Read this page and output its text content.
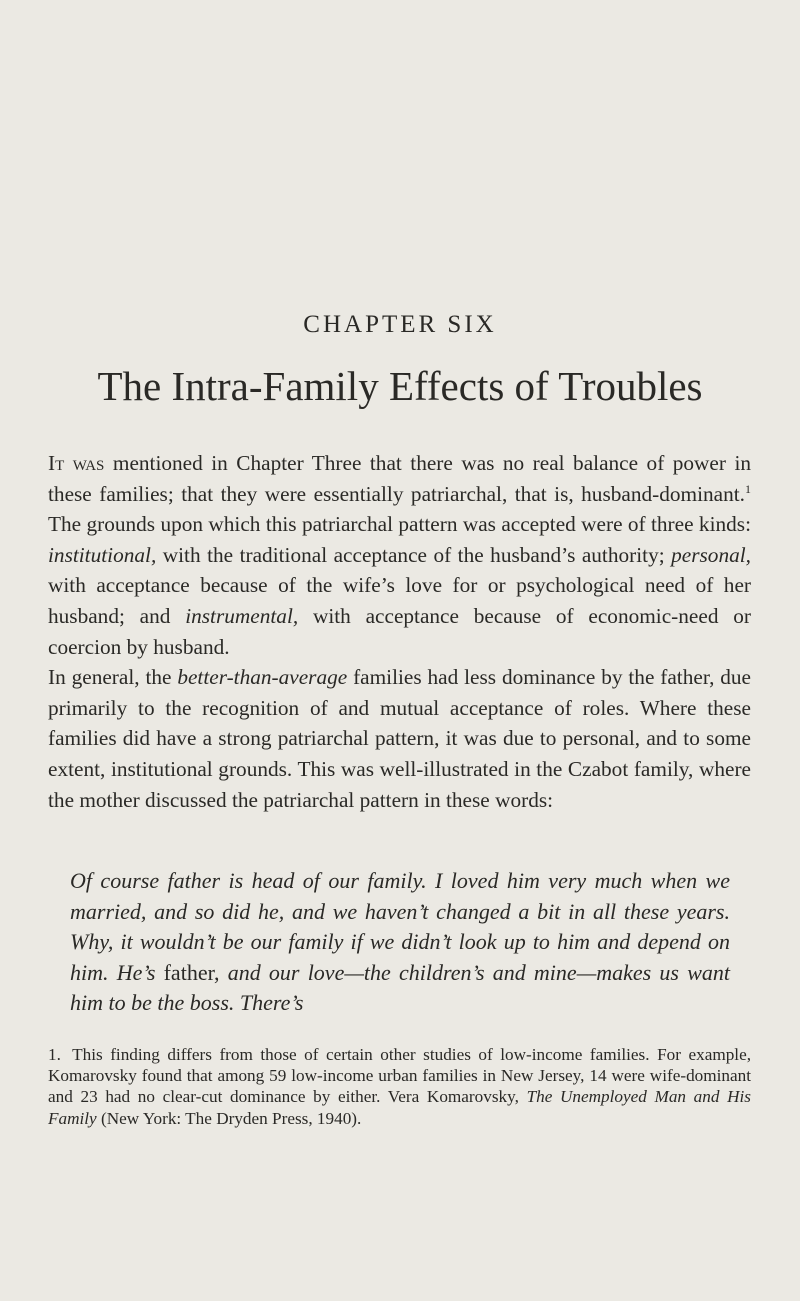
CHAPTER SIX
The Intra-Family Effects of Troubles

It was mentioned in Chapter Three that there was no real balance of power in these families; that they were essentially patriarchal, that is, husband-dominant.$^1$ The grounds upon which this patriarchal pattern was accepted were of three kinds: institutional, with the traditional acceptance of the husband’s authority; personal, with acceptance because of the wife’s love for or psychological need of her husband; and instrumental, with acceptance because of economic-need or coercion by husband.

In general, the better-than-average families had less dominance by the father, due primarily to the recognition of and mutual acceptance of roles. Where these families did have a strong patriarchal pattern, it was due to personal, and to some extent, institutional grounds. This was well-illustrated in the Czabot family, where the mother discussed the patriarchal pattern in these words:

Of course father is head of our family. I loved him very much when we married, and so did he, and we haven’t changed a bit in all these years. Why, it wouldn’t be our family if we didn’t look up to him and depend on him. He’s father, and our love—the children’s and mine—makes us want him to be the boss. There’s
1. This finding differs from those of certain other studies of low-income families. For example, Komarovsky found that among 59 low-income urban families in New Jersey, 14 were wife-dominant and 23 had no clear-cut dominance by either. Vera Komarovsky, The Unemployed Man and His Family (New York: The Dryden Press, 1940).
